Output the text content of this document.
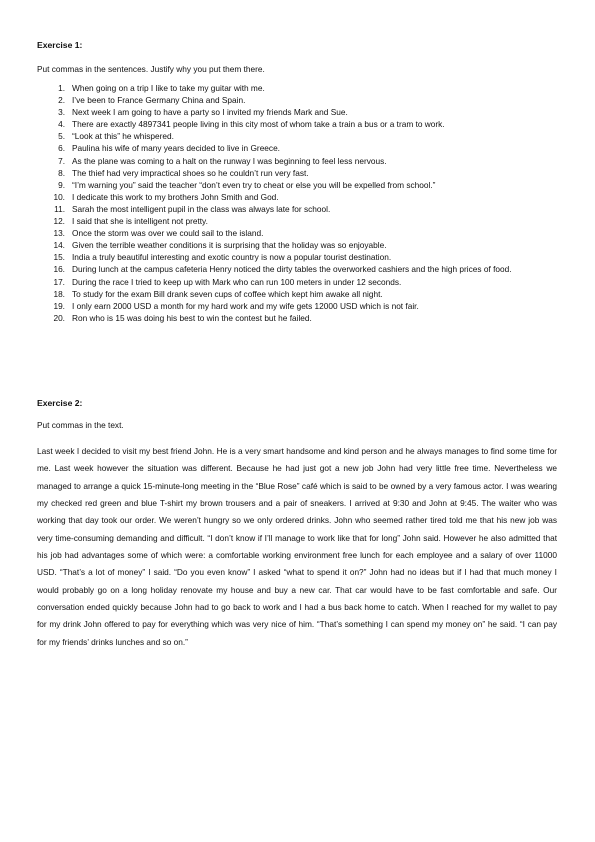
Exercise 1:
Put commas in the sentences. Justify why you put them there.
1. When going on a trip I like to take my guitar with me.
2. I’ve been to France Germany China and Spain.
3. Next week I am going to have a party so I invited my friends Mark and Sue.
4. There are exactly 4897341 people living in this city most of whom take a train a bus or a tram to work.
5. “Look at this” he whispered.
6. Paulina his wife of many years decided to live in Greece.
7. As the plane was coming to a halt on the runway I was beginning to feel less nervous.
8. The thief had very impractical shoes so he couldn’t run very fast.
9. “I’m warning you” said the teacher “don’t even try to cheat or else you will be expelled from school.”
10. I dedicate this work to my brothers John Smith and God.
11. Sarah the most intelligent pupil in the class was always late for school.
12. I said that she is intelligent not pretty.
13. Once the storm was over we could sail to the island.
14. Given the terrible weather conditions it is surprising that the holiday was so enjoyable.
15. India a truly beautiful interesting and exotic country is now a popular tourist destination.
16. During lunch at the campus cafeteria Henry noticed the dirty tables the overworked cashiers and the high prices of food.
17. During the race I tried to keep up with Mark who can run 100 meters in under 12 seconds.
18. To study for the exam Bill drank seven cups of coffee which kept him awake all night.
19. I only earn 2000 USD a month for my hard work and my wife gets 12000 USD which is not fair.
20. Ron who is 15 was doing his best to win the contest but he failed.
Exercise 2:
Put commas in the text.

Last week I decided to visit my best friend John. He is a very smart handsome and kind person and he always manages to find some time for me. Last week however the situation was different. Because he had just got a new job John had very little free time. Nevertheless we managed to arrange a quick 15-minute-long meeting in the “Blue Rose” café which is said to be owned by a very famous actor. I was wearing my checked red green and blue T-shirt my brown trousers and a pair of sneakers. I arrived at 9:30 and John at 9:45. The waiter who was working that day took our order. We weren’t hungry so we only ordered drinks. John who seemed rather tired told me that his new job was very time-consuming demanding and difficult. “I don’t know if I’ll manage to work like that for long” John said. However he also admitted that his job had advantages some of which were: a comfortable working environment free lunch for each employee and a salary of over 11000 USD. “That’s a lot of money” I said. “Do you even know” I asked “what to spend it on?” John had no ideas but if I had that much money I would probably go on a long holiday renovate my house and buy a new car. That car would have to be fast comfortable and safe. Our conversation ended quickly because John had to go back to work and I had a bus back home to catch. When I reached for my wallet to pay for my drink John offered to pay for everything which was very nice of him. “That’s something I can spend my money on” he said. “I can pay for my friends’ drinks lunches and so on.”
